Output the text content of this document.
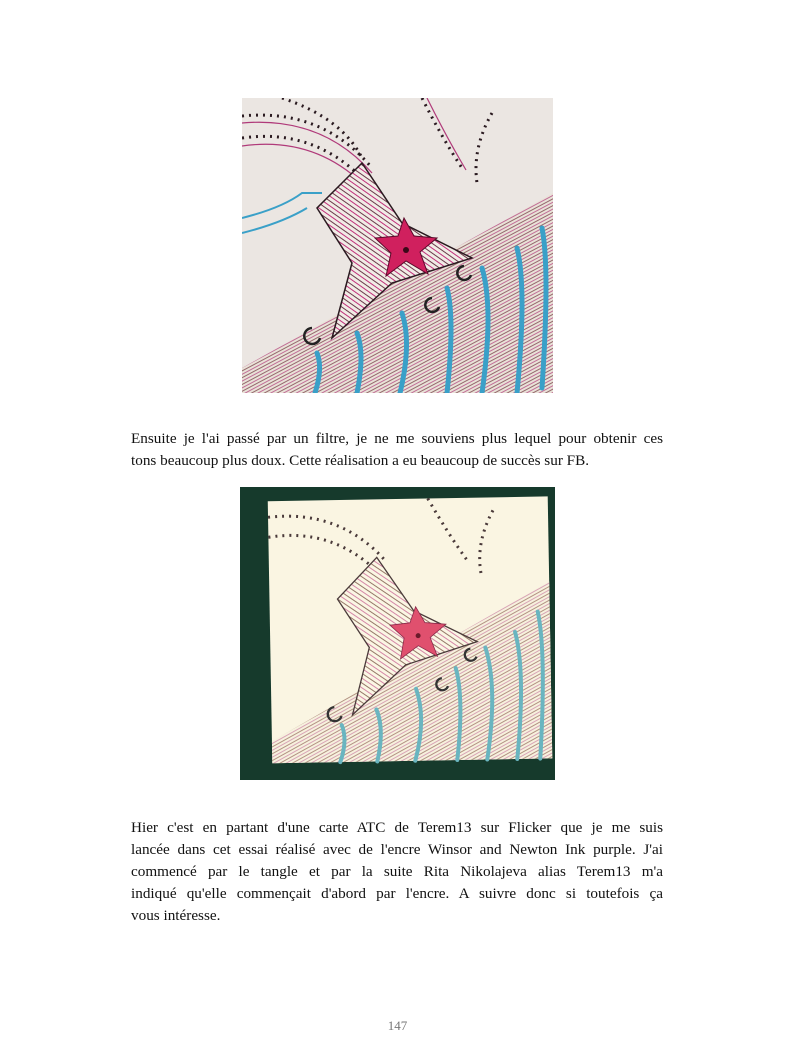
Ensuite je l'ai passé par un filtre, je ne me souviens plus lequel pour obtenir ces
tons beaucoup plus doux. Cette réalisation a eu beaucoup de succès sur FB.
Hier c'est en partant d'une carte ATC de Terem13 sur Flicker que je me suis
lancée dans cet essai réalisé avec de l'encre Winsor and Newton Ink purple. J'ai
commencé par le tangle et par la suite Rita Nikolajeva alias Terem13 m'a
indiqué qu'elle commençait d'abord par l'encre. A suivre donc si toutefois ça
vous intéresse.
147
